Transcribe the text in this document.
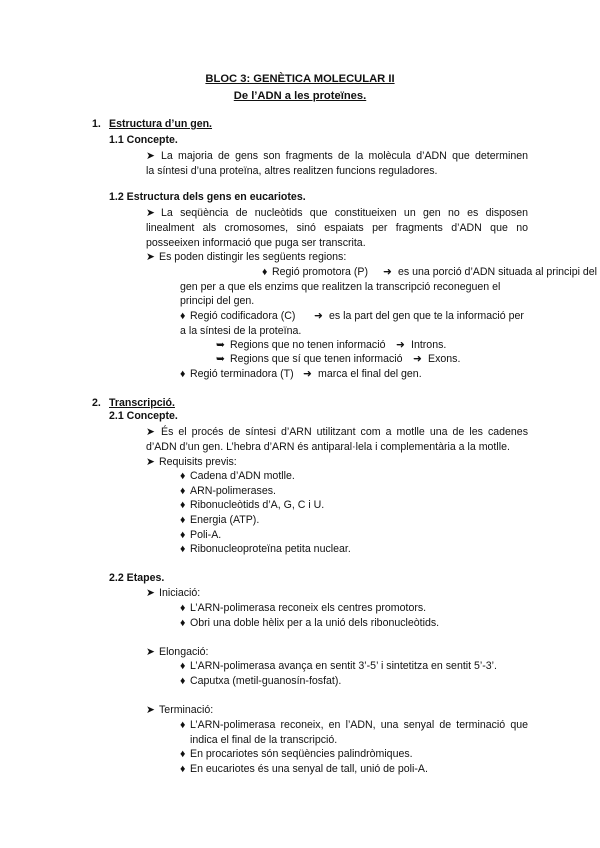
BLOC 3: GENÈTICA MOLECULAR II
De l’ADN a les proteïnes.
1. Estructura d’un gen.
1.1 Concepte.
➤ La majoria de gens son fragments de la molècula d’ADN que determinen
la síntesi d’una proteïna, altres realitzen funcions reguladores.
1.2 Estructura dels gens en eucariotes.
➤ La seqüència de nucleòtids que constitueixen un gen no es disposen
linealment als cromosomes, sinó espaiats per fragments d’ADN que no
posseeixen informació que puga ser transcrita.
➤ Es poden distingir les següents regions:
♦ Regió promotora (P) ➜ es una porció d’ADN situada al principi del
gen per a que els enzims que realitzen la transcripció reconeguen el
principi del gen.
♦ Regió codificadora (C) ➜ es la part del gen que te la informació per
a la síntesi de la proteïna.
➥ Regions que no tenen informació ➜ Introns.
➥ Regions que sí que tenen informació ➜ Exons.
♦ Regió terminadora (T) ➜ marca el final del gen.
2. Transcripció.
2.1 Concepte.
➤ És el procés de síntesi d’ARN utilitzant com a motlle una de les cadenes
d’ADN d’un gen. L’hebra d’ARN és antiparal·lela i complementària a la motlle.
➤ Requisits previs:
♦ Cadena d’ADN motlle.
♦ ARN-polimerases.
♦ Ribonucleòtids d’A, G, C i U.
♦ Energia (ATP).
♦ Poli-A.
♦ Ribonucleoproteïna petita nuclear.
2.2 Etapes.
➤ Iniciació:
♦ L’ARN-polimerasa reconeix els centres promotors.
♦ Obri una doble hèlix per a la unió dels ribonucleòtids.
➤ Elongació:
♦ L’ARN-polimerasa avança en sentit 3’-5’ i sintetitza en sentit 5’-3’.
♦ Caputxa (metil-guanosín-fosfat).
➤ Terminació:
♦ L’ARN-polimerasa reconeix, en l’ADN, una senyal de terminació que
indica el final de la transcripció.
♦ En procariotes són seqüències palindròmiques.
♦ En eucariotes és una senyal de tall, unió de poli-A.
